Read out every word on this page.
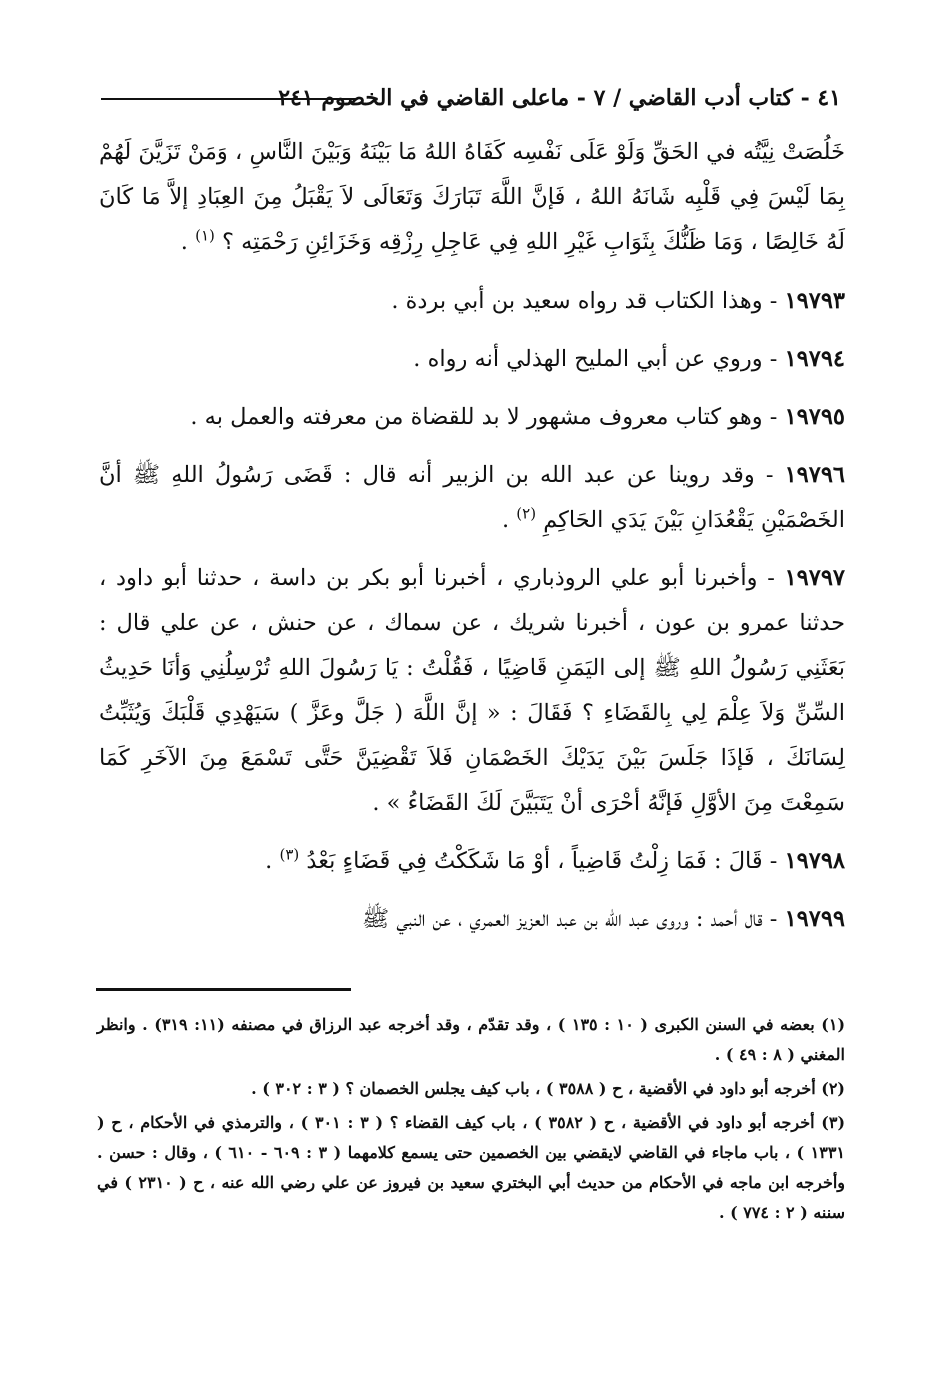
٤١ - كتاب أدب القاضي / ٧ - ماعلى القاضي في الخصوم ٢٤١

خَلُصَتْ نِيَّتُه في الحَقِّ وَلَوْ عَلَى نَفْسِه كَفَاهُ اللهُ مَا بَيْنَهُ وَبَيْنَ النَّاسِ ، وَمَنْ تَزَيَّنَ لَهُمْ بِمَا لَيْسَ فِي قَلْبِه شَانَهُ اللهُ ، فَإنَّ اللَّهَ تَبَارَكَ وَتَعَالَى لاَ يَقْبَلُ مِنَ العِبَادِ إلاَّ مَا كَانَ لَهُ خَالِصًا ، وَمَا ظَنُّكَ بِثَوَابِ غَيْرِ اللهِ فِي عَاجِلِ رِزْقِه وَخَزَائِنِ رَحْمَتِه ؟ $^{(١)}$ .

١٩٧٩٣ - وهذا الكتاب قد رواه سعيد بن أبي بردة .

١٩٧٩٤ - وروي عن أبي المليح الهذلي أنه رواه .

١٩٧٩٥ - وهو كتاب معروف مشهور لا بد للقضاة من معرفته والعمل به .

١٩٧٩٦ - وقد روينا عن عبد الله بن الزبير أنه قال : قَضَى رَسُولُ اللهِ ﷺ أنَّ الخَصْمَيْنِ يَقْعُدَانِ بَيْنَ يَدَي الحَاكِمِ $^{(٢)}$ .

١٩٧٩٧ - وأخبرنا أبو علي الروذباري ، أخبرنا أبو بكر بن داسة ، حدثنا أبو داود ، حدثنا عمرو بن عون ، أخبرنا شريك ، عن سماك ، عن حنش ، عن علي قال : بَعَثَنِي رَسُولُ اللهِ ﷺ إلى اليَمَنِ قَاضِيًا ، فَقُلْتُ : يَا رَسُولَ اللهِ تُرْسِلُنِي وَأنَا حَدِيثُ السِّنِّ وَلاَ عِلْمَ لِي بِالقَضَاءِ ؟ فَقَالَ : « إنَّ اللَّهَ ( جَلَّ وعَزَّ ) سَيَهْدِي قَلْبَكَ وَيُثَبِّتُ لِسَانَكَ ، فَإذَا جَلَسَ بَيْنَ يَدَيْكَ الخَصْمَانِ فَلاَ تَقْضِيَنَّ حَتَّى تَسْمَعَ مِنَ الآخَرِ كَمَا سَمِعْتَ مِنَ الأوَّلِ فَإنَّهُ أحْرَى أنْ يَتَبَيَّنَ لَكَ القَضَاءُ » .

١٩٧٩٨ - قَالَ : فَمَا زِلْتُ قَاضِياً ، أوْ مَا شَكَكْتُ فِي قَضَاءٍ بَعْدُ $^{(٣)}$ .

١٩٧٩٩ - قال أحمد : وروى عبد الله بن عبد العزيز العمري ، عن النبي ﷺ

(١) بعضه في السنن الكبرى ( ١٠ : ١٣٥ ) ، وقد تقدّم ، وقد أخرجه عبد الرزاق في مصنفه (١١: ٣١٩) . وانظر المغني ( ٨ : ٤٩ ) .

(٢) أخرجه أبو داود في الأقضية ، ح ( ٣٥٨٨ ) ، باب كيف يجلس الخصمان ؟ ( ٣ : ٣٠٢ ) .

(٣) أخرجه أبو داود في الأقضية ، ح ( ٣٥٨٢ ) ، باب كيف القضاء ؟ ( ٣ : ٣٠١ ) ، والترمذي في الأحكام ، ح ( ١٣٣١ ) ، باب ماجاء في القاضي لايقضي بين الخصمين حتى يسمع كلامهما ( ٣ : ٦٠٩ - ٦١٠ ) ، وقال : حسن . وأخرجه ابن ماجه في الأحكام من حديث أبي البختري سعيد بن فيروز عن علي رضي الله عنه ، ح ( ٢٣١٠ ) في سننه ( ٢ : ٧٧٤ ) .
